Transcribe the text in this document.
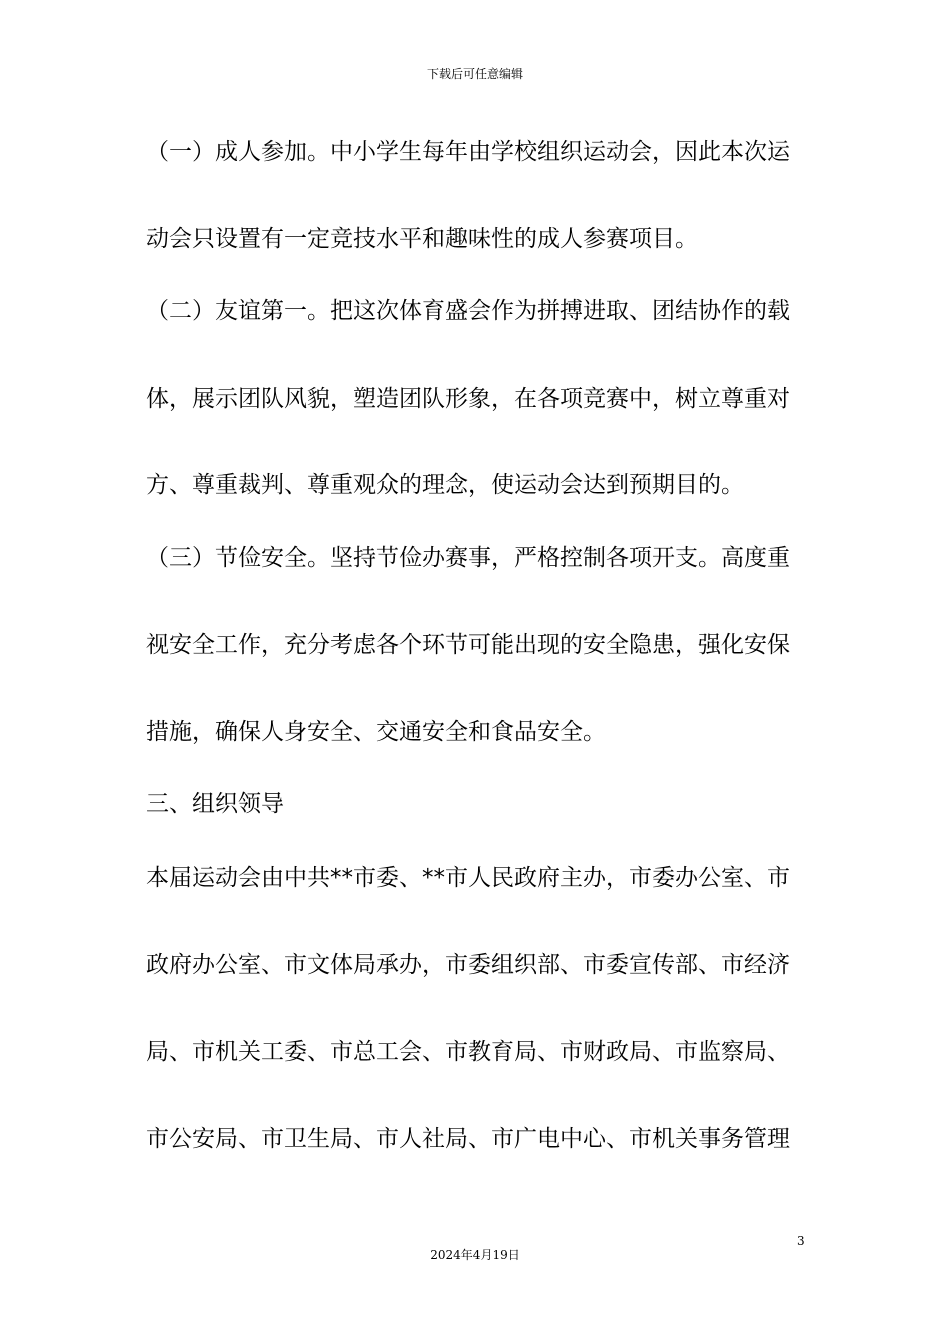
下载后可任意编辑
（一）成人参加。中小学生每年由学校组织运动会，因此本次运
动会只设置有一定竞技水平和趣味性的成人参赛项目。
（二）友谊第一。把这次体育盛会作为拼搏进取、团结协作的载
体，展示团队风貌，塑造团队形象，在各项竞赛中，树立尊重对
方、尊重裁判、尊重观众的理念，使运动会达到预期目的。
（三）节俭安全。坚持节俭办赛事，严格控制各项开支。高度重
视安全工作，充分考虑各个环节可能出现的安全隐患，强化安保
措施，确保人身安全、交通安全和食品安全。
三、组织领导
本届运动会由中共**市委、**市人民政府主办，市委办公室、市
政府办公室、市文体局承办，市委组织部、市委宣传部、市经济
局、市机关工委、市总工会、市教育局、市财政局、市监察局、
市公安局、市卫生局、市人社局、市广电中心、市机关事务管理
3
2024年4月19日
